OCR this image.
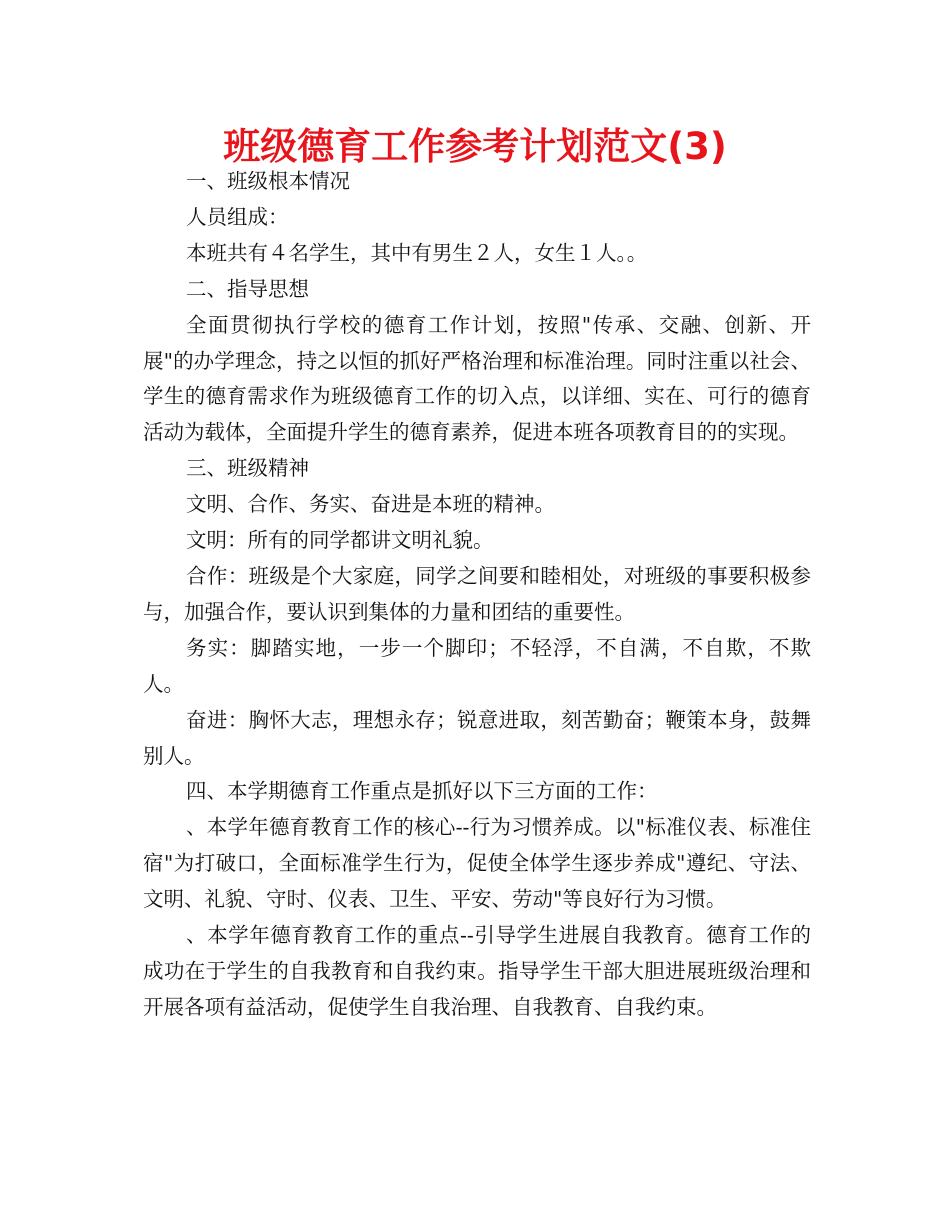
班级德育工作参考计划范文(3)

一、班级根本情况

人员组成：

本班共有４名学生，其中有男生２人，女生１人。。

二、指导思想

全面贯彻执行学校的德育工作计划，按照"传承、交融、创新、开展"的办学理念，持之以恒的抓好严格治理和标准治理。同时注重以社会、学生的德育需求作为班级德育工作的切入点，以详细、实在、可行的德育活动为载体，全面提升学生的德育素养，促进本班各项教育目的的实现。

三、班级精神

文明、合作、务实、奋进是本班的精神。

文明：所有的同学都讲文明礼貌。

合作：班级是个大家庭，同学之间要和睦相处，对班级的事要积极参与，加强合作，要认识到集体的力量和团结的重要性。

务实：脚踏实地，一步一个脚印；不轻浮，不自满，不自欺，不欺人。

奋进：胸怀大志，理想永存；锐意进取，刻苦勤奋；鞭策本身，鼓舞别人。

四、本学期德育工作重点是抓好以下三方面的工作：

、本学年德育教育工作的核心--行为习惯养成。以"标准仪表、标准住宿"为打破口，全面标准学生行为，促使全体学生逐步养成"遵纪、守法、文明、礼貌、守时、仪表、卫生、平安、劳动"等良好行为习惯。

、本学年德育教育工作的重点--引导学生进展自我教育。德育工作的成功在于学生的自我教育和自我约束。指导学生干部大胆进展班级治理和开展各项有益活动，促使学生自我治理、自我教育、自我约束。
